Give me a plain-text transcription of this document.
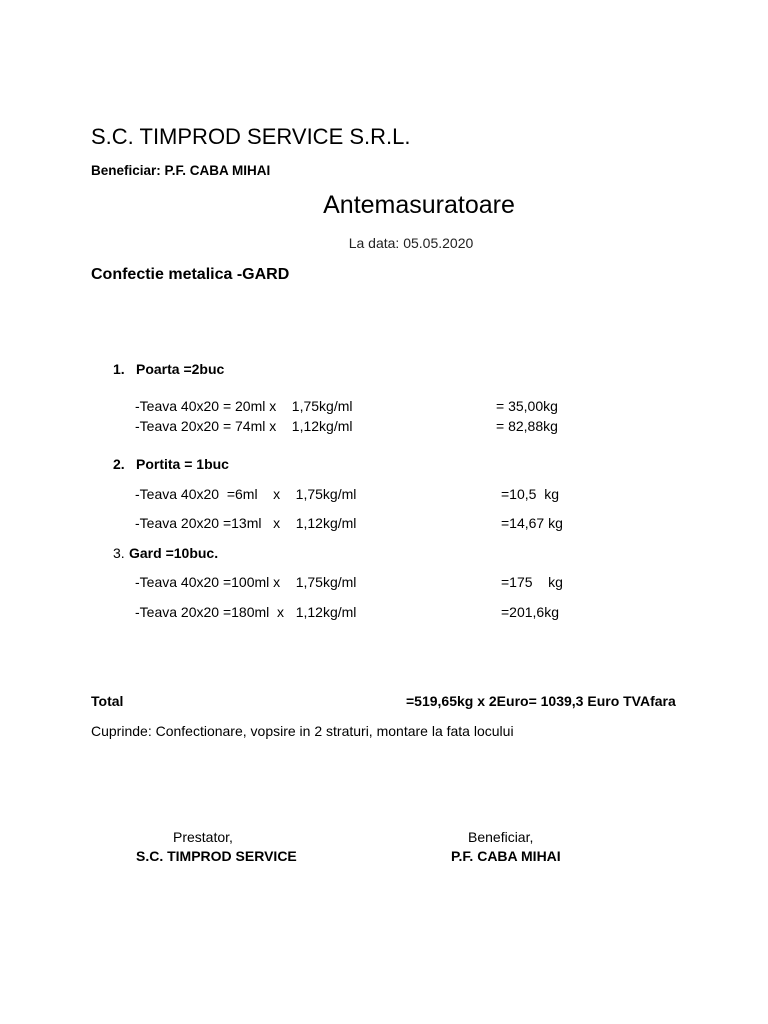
S.C. TIMPROD SERVICE S.R.L.
Beneficiar: P.F. CABA MIHAI
Antemasuratoare
La data: 05.05.2020
Confectie metalica -GARD
1. Poarta =2buc
-Teava 40x20 = 20ml x    1,75kg/ml	= 35,00kg
-Teava 20x20 = 74ml x    1,12kg/ml	= 82,88kg
2. Portita = 1buc
-Teava 40x20  =6ml    x    1,75kg/ml	=10,5  kg
-Teava 20x20 =13ml   x    1,12kg/ml	=14,67 kg
3. Gard =10buc.
-Teava 40x20 =100ml x    1,75kg/ml	=175    kg
-Teava 20x20 =180ml  x   1,12kg/ml	=201,6kg
Total	=519,65kg x 2Euro= 1039,3 Euro TVAfara
Cuprinde: Confectionare, vopsire in 2 straturi, montare la fata locului
Prestator,
S.C. TIMPROD SERVICE
Beneficiar,
P.F. CABA MIHAI
